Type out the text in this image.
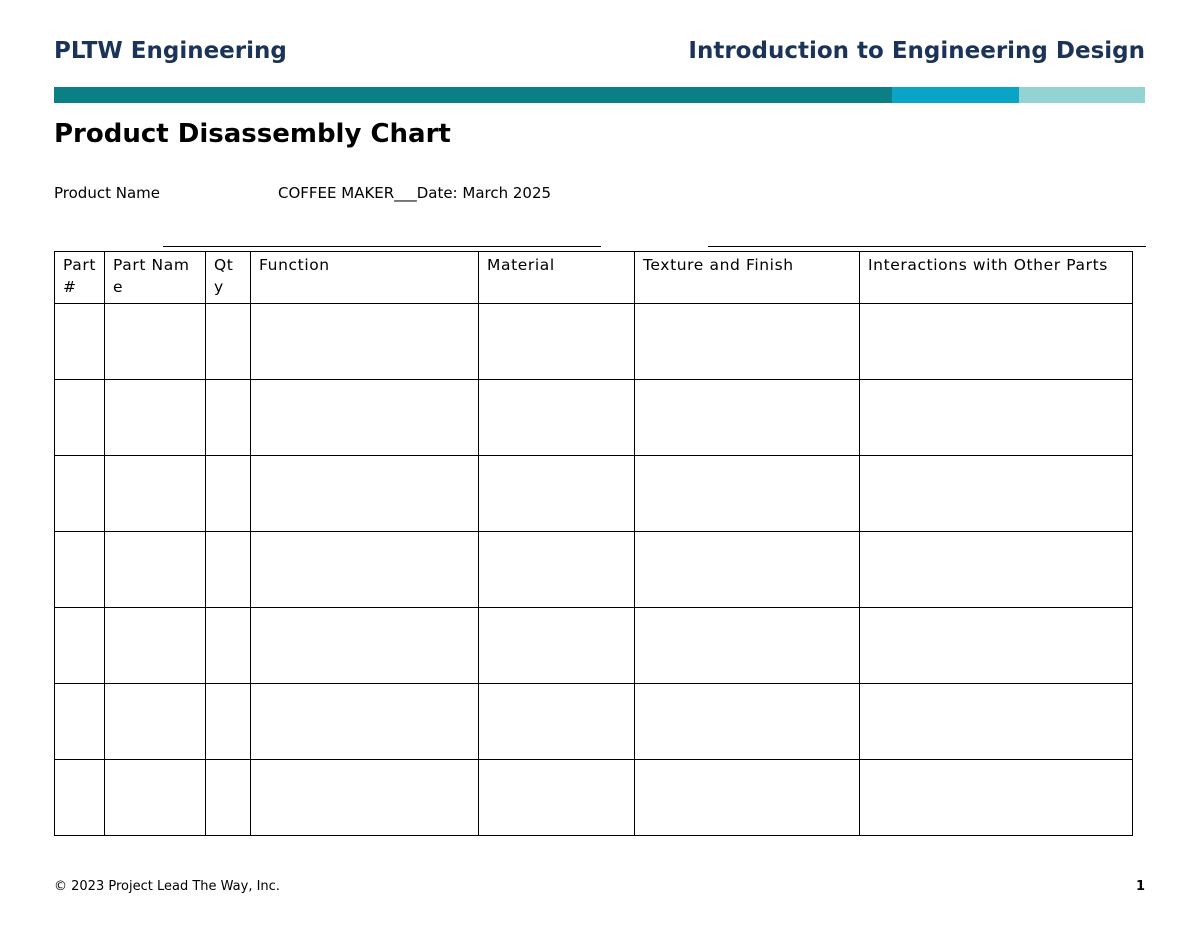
PLTW Engineering	Introduction to Engineering Design
Product Disassembly Chart
Product Name	COFFEE MAKER___Date: March 2025
Part #	Part Name	Qty	Function	Material	Texture and Finish	Interactions with Other Parts

© 2023 Project Lead The Way, Inc.	1
